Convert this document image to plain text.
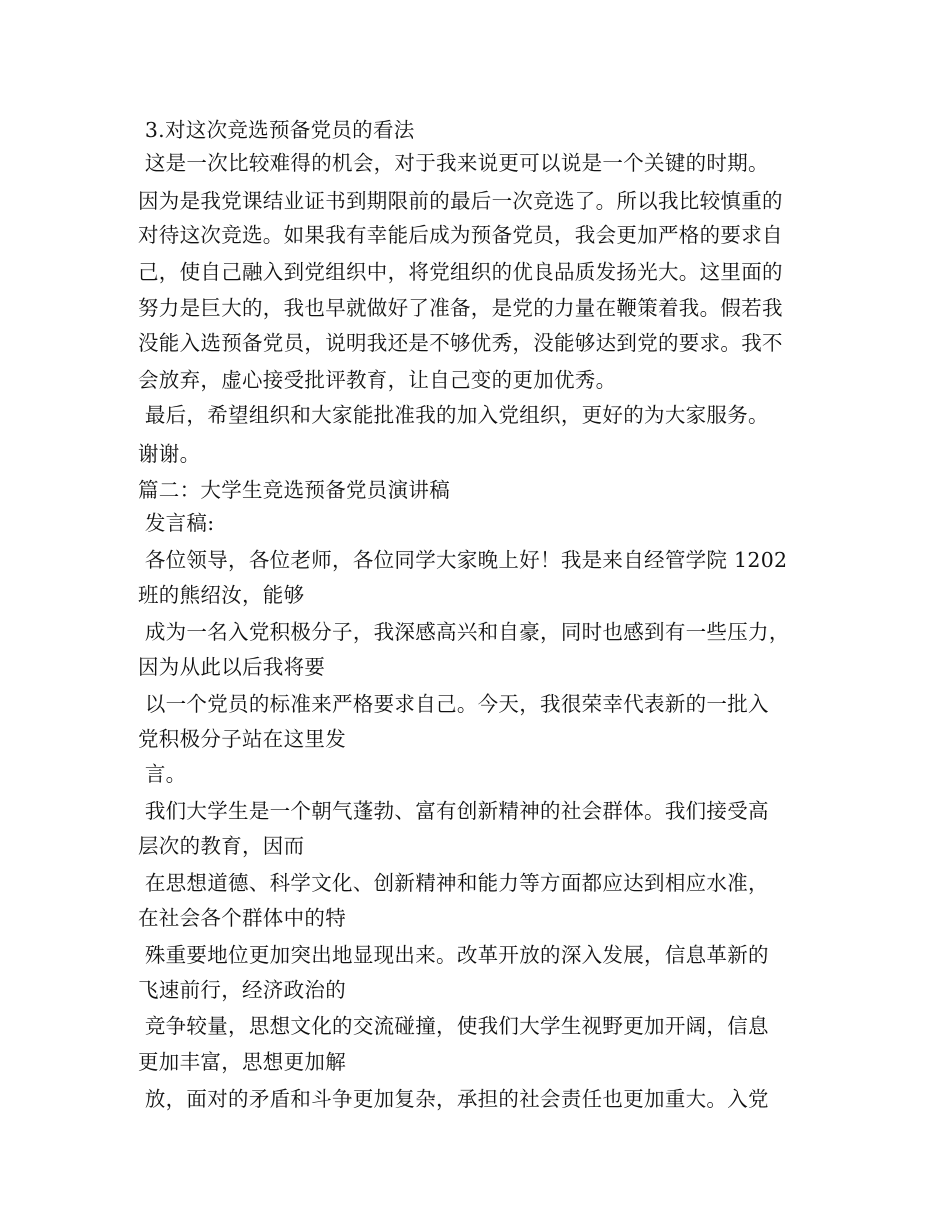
3.对这次竞选预备党员的看法
这是一次比较难得的机会，对于我来说更可以说是一个关键的时期。
因为是我党课结业证书到期限前的最后一次竞选了。所以我比较慎重的
对待这次竞选。如果我有幸能后成为预备党员，我会更加严格的要求自
己，使自己融入到党组织中，将党组织的优良品质发扬光大。这里面的
努力是巨大的，我也早就做好了准备，是党的力量在鞭策着我。假若我
没能入选预备党员，说明我还是不够优秀，没能够达到党的要求。我不
会放弃，虚心接受批评教育，让自己变的更加优秀。
最后，希望组织和大家能批准我的加入党组织，更好的为大家服务。
谢谢。
篇二：大学生竞选预备党员演讲稿
发言稿:
各位领导，各位老师，各位同学大家晚上好！我是来自经管学院 1202
班的熊绍汝，能够
成为一名入党积极分子，我深感高兴和自豪，同时也感到有一些压力，
因为从此以后我将要
以一个党员的标准来严格要求自己。今天，我很荣幸代表新的一批入
党积极分子站在这里发
言。
我们大学生是一个朝气蓬勃、富有创新精神的社会群体。我们接受高
层次的教育，因而
在思想道德、科学文化、创新精神和能力等方面都应达到相应水准，
在社会各个群体中的特
殊重要地位更加突出地显现出来。改革开放的深入发展，信息革新的
飞速前行，经济政治的
竞争较量，思想文化的交流碰撞，使我们大学生视野更加开阔，信息
更加丰富，思想更加解
放，面对的矛盾和斗争更加复杂，承担的社会责任也更加重大。入党
